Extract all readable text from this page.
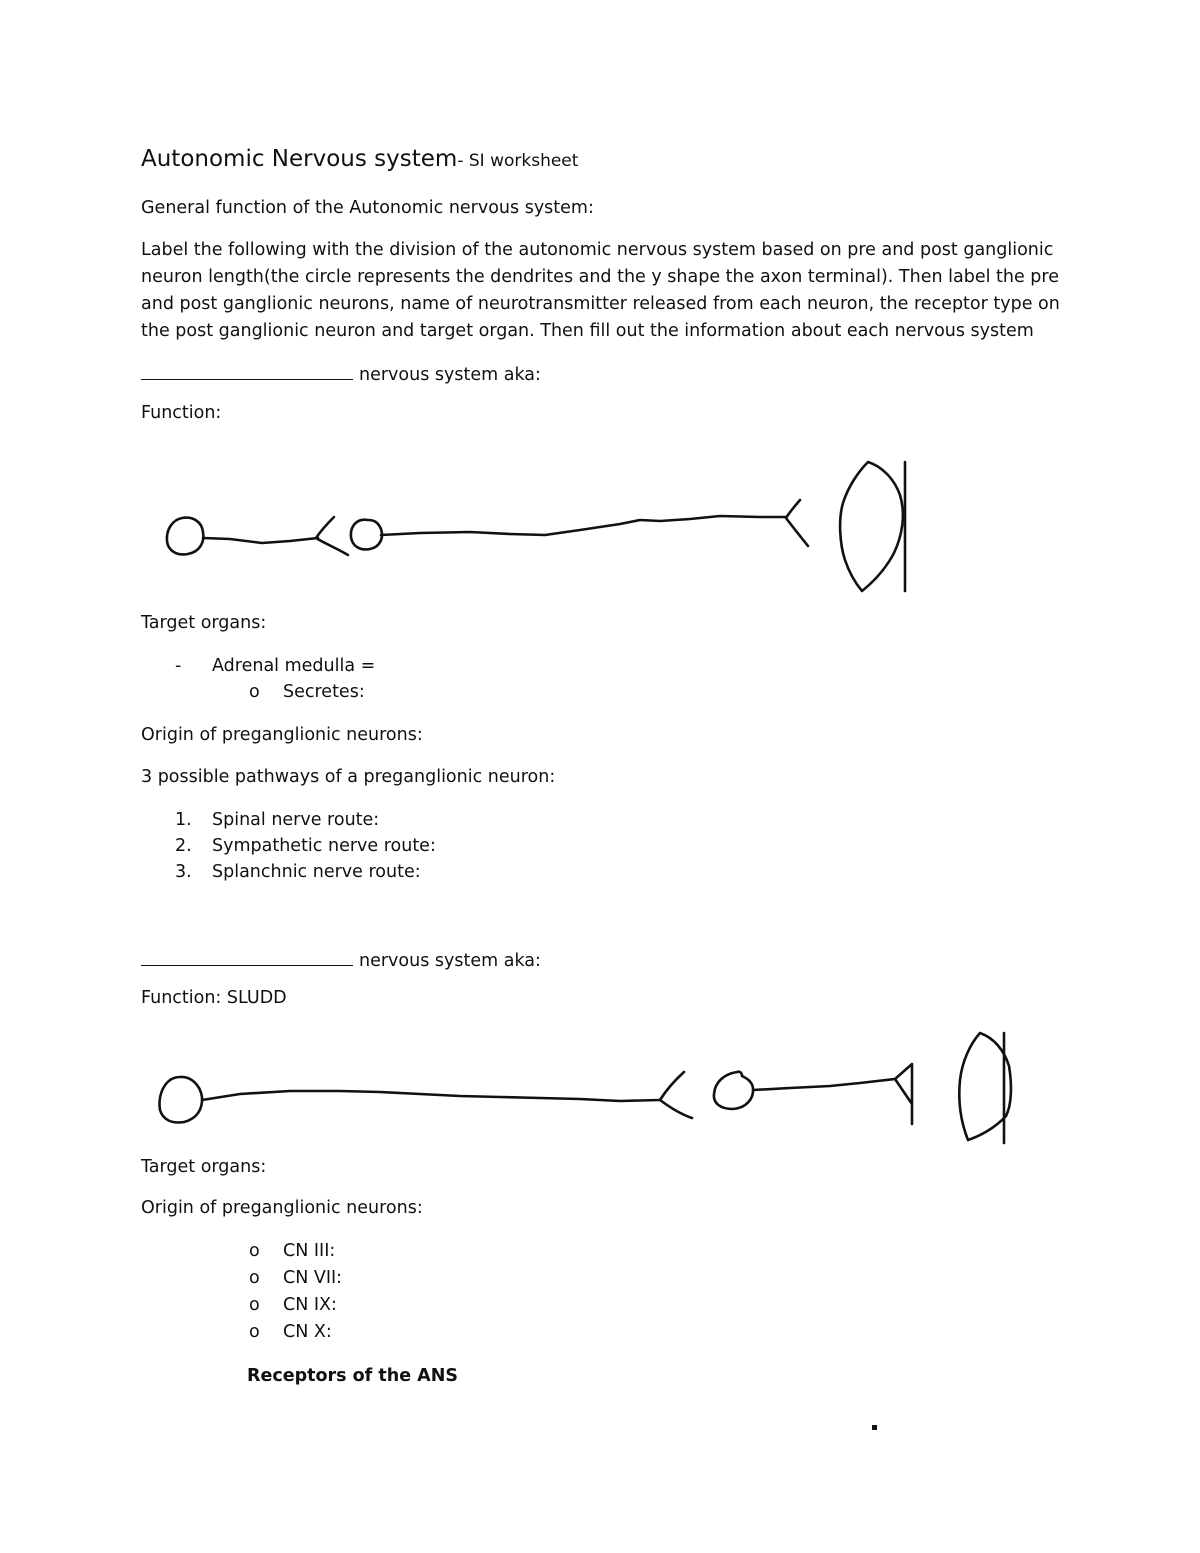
Autonomic Nervous system- SI worksheet
General function of the Autonomic nervous system:
Label the following with the division of the autonomic nervous system based on pre and post ganglionic neuron length(the circle represents the dendrites and the y shape the axon terminal). Then label the pre and post ganglionic neurons, name of neurotransmitter released from each neuron, the receptor type on the post ganglionic neuron and target organ. Then fill out the information about each nervous system
nervous system aka:
Function:
Target organs:
- Adrenal medulla =
o Secretes:
Origin of preganglionic neurons:
3 possible pathways of a preganglionic neuron:
1. Spinal nerve route:
2. Sympathetic nerve route:
3. Splanchnic nerve route:
nervous system aka:
Function: SLUDD
Target organs:
Origin of preganglionic neurons:
o CN III:
o CN VII:
o CN IX:
o CN X:
Receptors of the ANS
